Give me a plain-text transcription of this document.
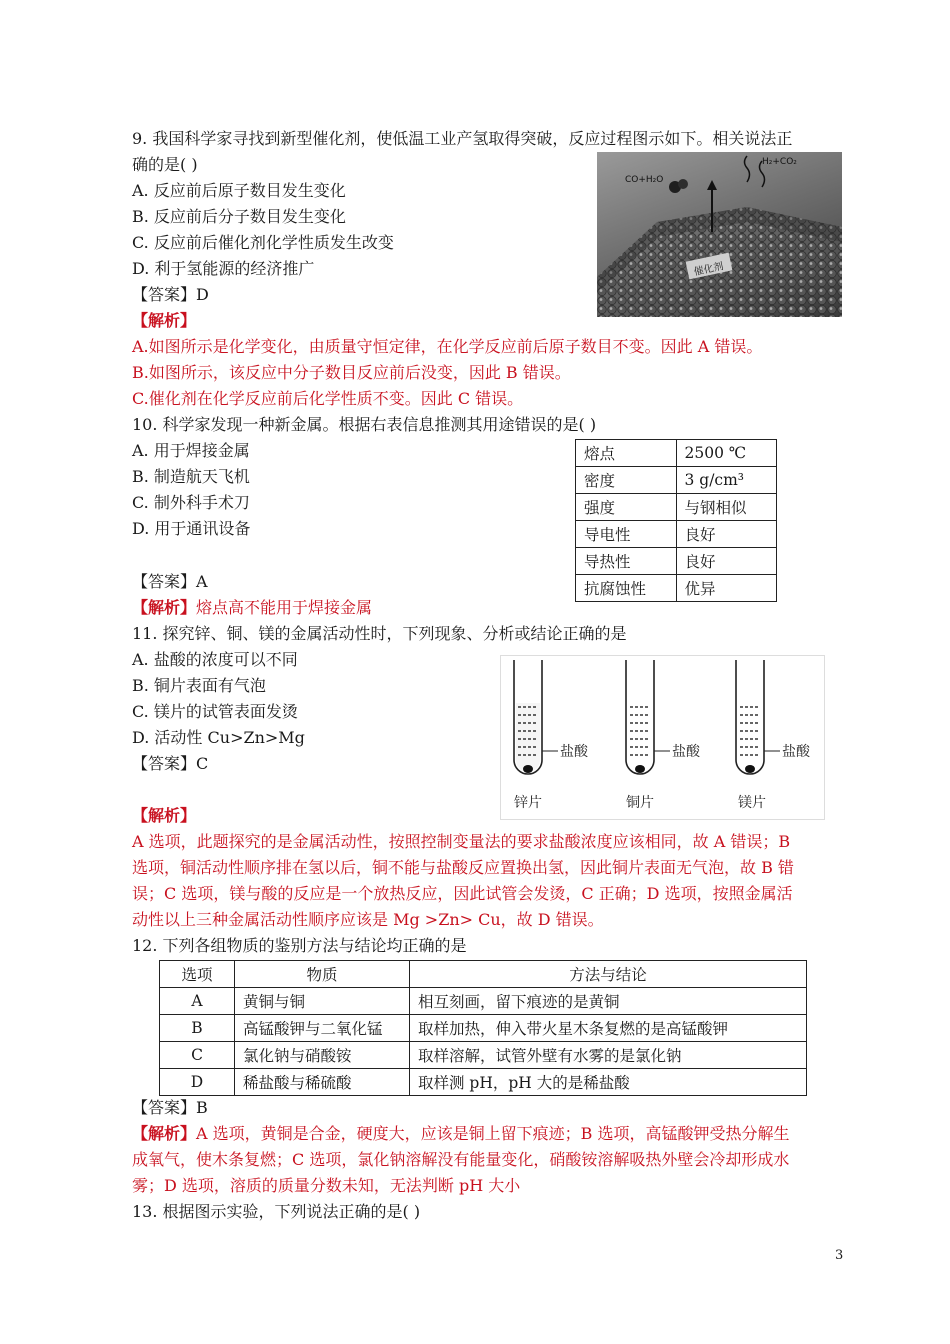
9. 我国科学家寻找到新型催化剂，使低温工业产氢取得突破，反应过程图示如下。相关说法正
确的是( )
A. 反应前后原子数目发生变化
B. 反应前后分子数目发生变化
C. 反应前后催化剂化学性质发生改变
D. 利于氢能源的经济推广
【答案】D
【解析】
A.如图所示是化学变化，由质量守恒定律，在化学反应前后原子数目不变。因此 A 错误。
B.如图所示，该反应中分子数目反应前后没变，因此 B 错误。
C.催化剂在化学反应前后化学性质不变。因此 C 错误。
CO+H₂O
H₂+CO₂
催化剂
10. 科学家发现一种新金属。根据右表信息推测其用途错误的是( )
A. 用于焊接金属
B. 制造航天飞机
C. 制外科手术刀
D. 用于通讯设备
熔点	2500 ℃
密度	3 g/cm³
强度	与钢相似
导电性	良好
导热性	良好
抗腐蚀性	优异
【答案】A
【解析】熔点高不能用于焊接金属
11. 探究锌、铜、镁的金属活动性时，下列现象、分析或结论正确的是
A. 盐酸的浓度可以不同
B. 铜片表面有气泡
C. 镁片的试管表面发烫
D. 活动性 Cu>Zn>Mg
【答案】C
盐酸
锌片
盐酸
铜片
盐酸
镁片
【解析】
A 选项，此题探究的是金属活动性，按照控制变量法的要求盐酸浓度应该相同，故 A 错误；B
选项，铜活动性顺序排在氢以后，铜不能与盐酸反应置换出氢，因此铜片表面无气泡，故 B 错
误；C 选项，镁与酸的反应是一个放热反应，因此试管会发烫，C 正确；D 选项，按照金属活
动性以上三种金属活动性顺序应该是 Mg >Zn> Cu，故 D 错误。
12. 下列各组物质的鉴别方法与结论均正确的是
选项	物质	方法与结论
A	黄铜与铜	相互刻画，留下痕迹的是黄铜
B	高锰酸钾与二氧化锰	取样加热，伸入带火星木条复燃的是高锰酸钾
C	氯化钠与硝酸铵	取样溶解，试管外壁有水雾的是氯化钠
D	稀盐酸与稀硫酸	取样测 pH，pH 大的是稀盐酸
【答案】B
【解析】A 选项，黄铜是合金，硬度大，应该是铜上留下痕迹；B 选项，高锰酸钾受热分解生
成氧气，使木条复燃；C 选项，氯化钠溶解没有能量变化，硝酸铵溶解吸热外壁会冷却形成水
雾；D 选项，溶质的质量分数未知，无法判断 pH 大小
13. 根据图示实验，下列说法正确的是( )
3
